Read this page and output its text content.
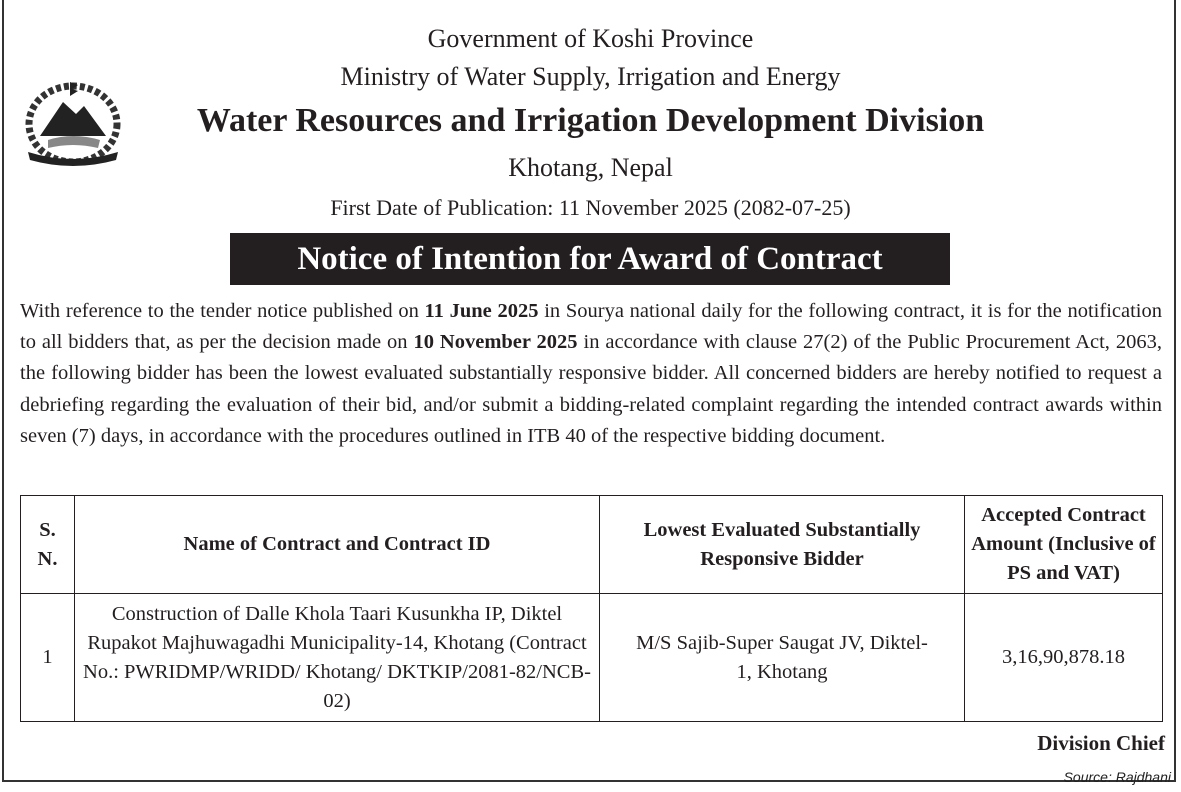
Government of Koshi Province
Ministry of Water Supply, Irrigation and Energy
Water Resources and Irrigation Development Division
Khotang, Nepal
First Date of Publication: 11 November 2025 (2082-07-25)
Notice of Intention for Award of Contract
With reference to the tender notice published on 11 June 2025 in Sourya national daily for the following contract, it is for the notification to all bidders that, as per the decision made on 10 November 2025 in accordance with clause 27(2) of the Public Procurement Act, 2063, the following bidder has been the lowest evaluated substantially responsive bidder. All concerned bidders are hereby notified to request a debriefing regarding the evaluation of their bid, and/or submit a bidding-related complaint regarding the intended contract awards within seven (7) days, in accordance with the procedures outlined in ITB 40 of the respective bidding document.
S. N.	Name of Contract and Contract ID	Lowest Evaluated Substantially Responsive Bidder	Accepted Contract Amount (Inclusive of PS and VAT)
1	Construction of Dalle Khola Taari Kusunkha IP, Diktel Rupakot Majhuwagadhi Municipality-14, Khotang (Contract No.: PWRIDMP/WRIDD/ Khotang/ DKTKIP/2081-82/NCB-02)	M/S Sajib-Super Saugat JV, Diktel-1, Khotang	3,16,90,878.18
Division Chief
Source: Rajdhani
